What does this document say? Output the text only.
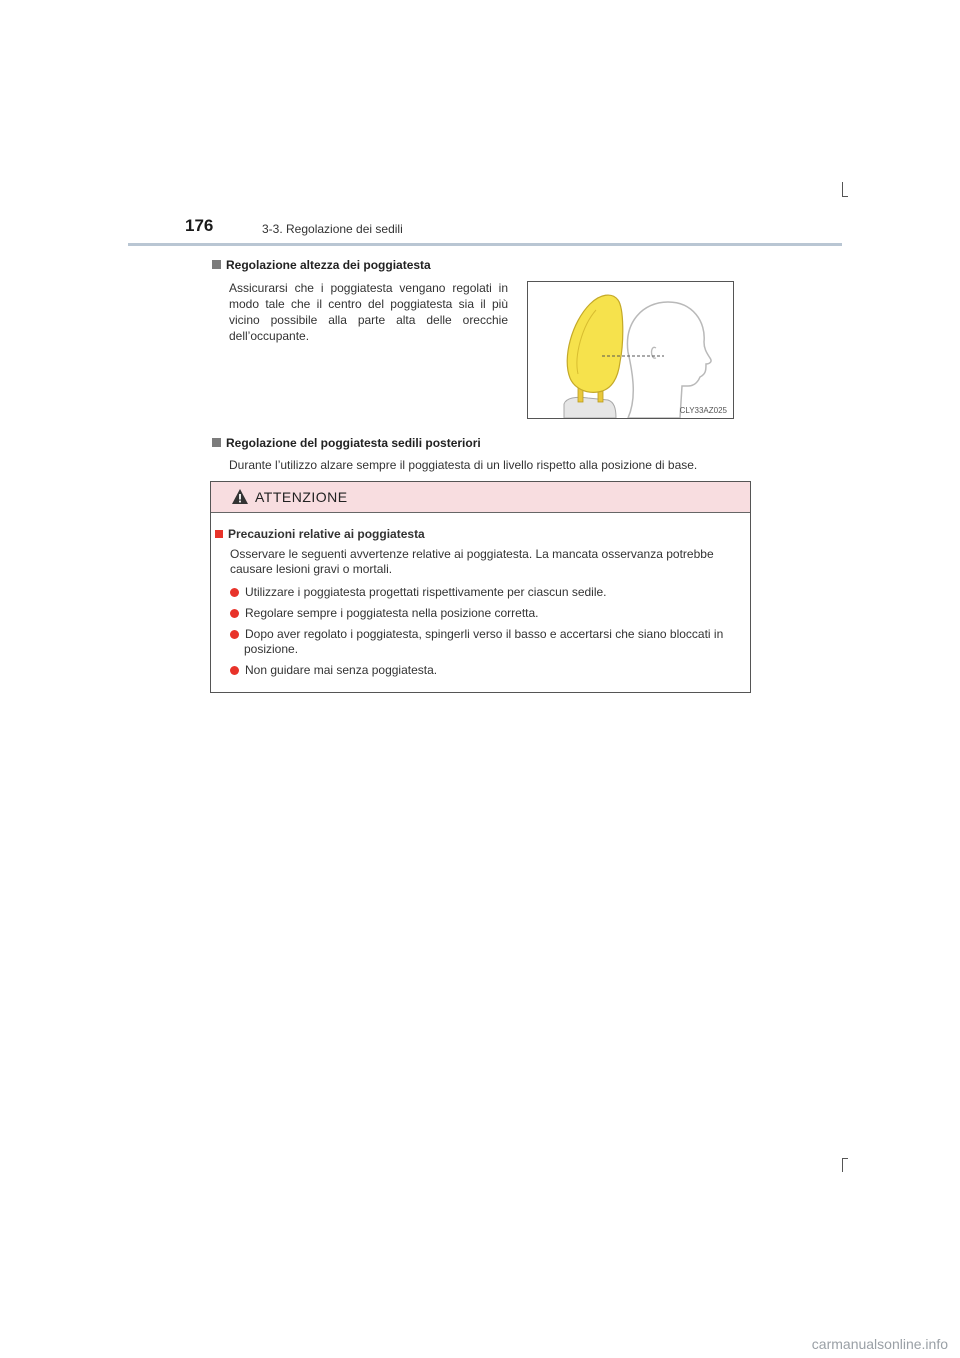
176	3-3. Regolazione dei sedili
Regolazione altezza dei poggiatesta
Assicurarsi che i poggiatesta vengano regolati in modo tale che il centro del poggiatesta sia il più vicino possibile alla parte alta delle orecchie dell’occupante.
CLY33AZ025
Regolazione del poggiatesta sedili posteriori
Durante l’utilizzo alzare sempre il poggiatesta di un livello rispetto alla posizione di base.
ATTENZIONE
Precauzioni relative ai poggiatesta
Osservare le seguenti avvertenze relative ai poggiatesta. La mancata osservanza potrebbe causare lesioni gravi o mortali.
Utilizzare i poggiatesta progettati rispettivamente per ciascun sedile.
Regolare sempre i poggiatesta nella posizione corretta.
Dopo aver regolato i poggiatesta, spingerli verso il basso e accertarsi che siano bloccati in posizione.
Non guidare mai senza poggiatesta.
carmanualsonline.info
